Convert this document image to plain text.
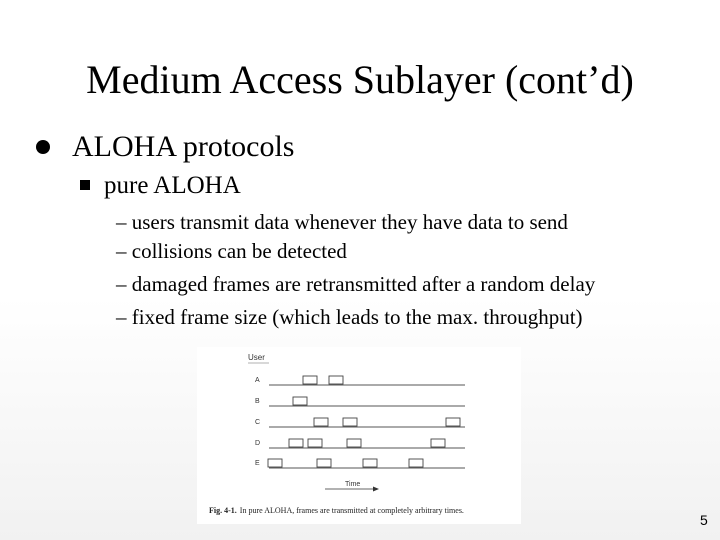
Medium Access Sublayer (cont’d)
ALOHA protocols
pure ALOHA
– users transmit data whenever they have data to send
– collisions can be detected
– damaged frames are retransmitted after a random delay
– fixed frame size (which leads to the max. throughput)
User
A
B
C
D
E
Time
Fig. 4-1. In pure ALOHA, frames are transmitted at completely arbitrary times.
5
